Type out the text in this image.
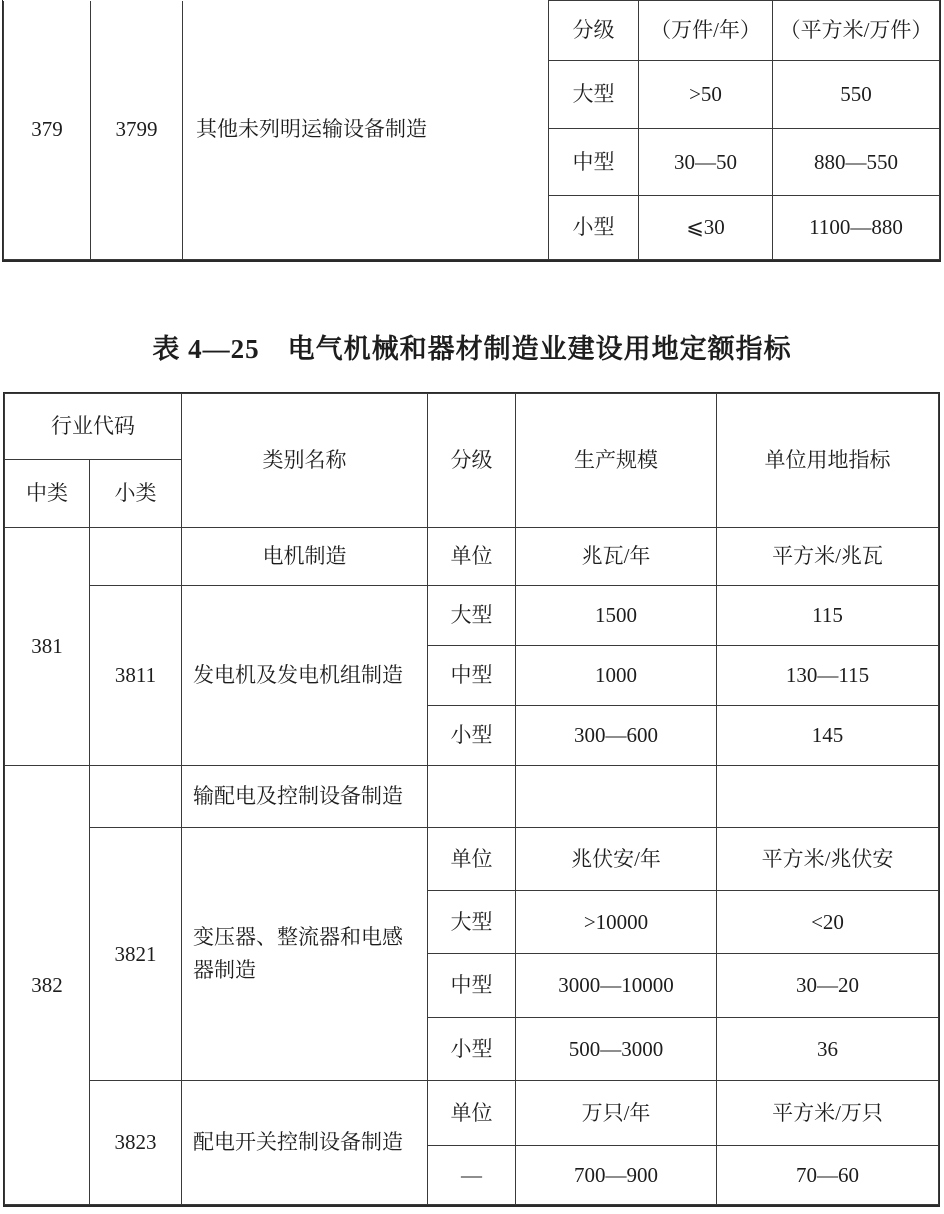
379	3799	其他未列明运输设备制造	分级	（万件/年）	（平方米/万件）
			大型	>50	550
			中型	30—50	880—550
			小型	⩽30	1100—880
表 4—25　电气机械和器材制造业建设用地定额指标
行业代码		类别名称	分级	生产规模	单位用地指标
中类	小类				
381		电机制造	单位	兆瓦/年	平方米/兆瓦
	3811	发电机及发电机组制造	大型	1500	115
			中型	1000	130—115
			小型	300—600	145
382		输配电及控制设备制造			
	3821	变压器、整流器和电感器制造	单位	兆伏安/年	平方米/兆伏安
			大型	>10000	<20
			中型	3000—10000	30—20
			小型	500—3000	36
	3823	配电开关控制设备制造	单位	万只/年	平方米/万只
			—	700—900	70—60
